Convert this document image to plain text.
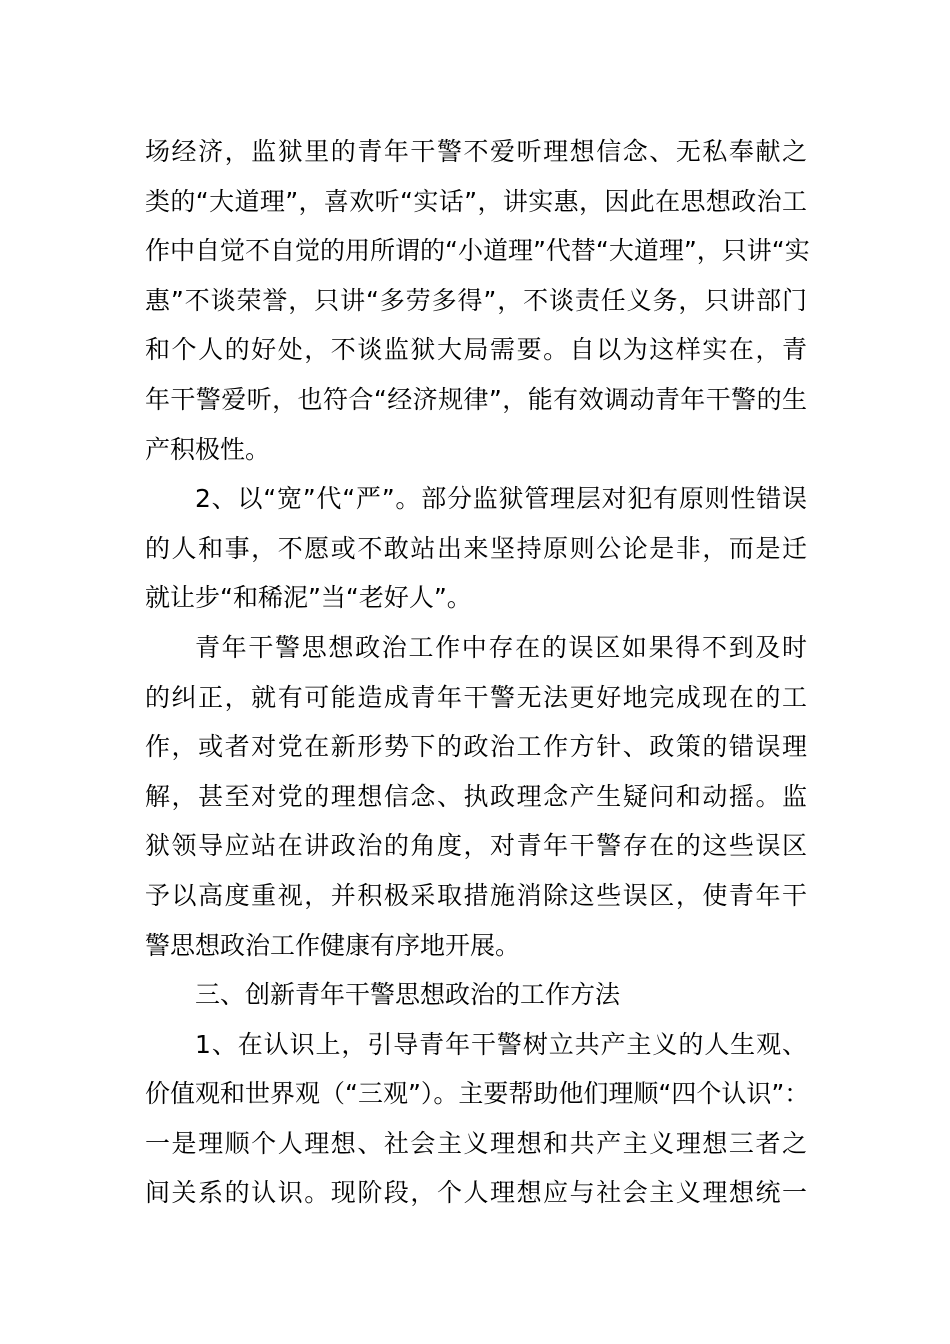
场经济，监狱里的青年干警不爱听理想信念、无私奉献之
类的“大道理”，喜欢听“实话”，讲实惠，因此在思想政治工
作中自觉不自觉的用所谓的“小道理”代替“大道理”，只讲“实
惠”不谈荣誉，只讲“多劳多得”，不谈责任义务，只讲部门
和个人的好处，不谈监狱大局需要。自以为这样实在，青
年干警爱听，也符合“经济规律”，能有效调动青年干警的生
产积极性。
2、以“宽”代“严”。部分监狱管理层对犯有原则性错误
的人和事，不愿或不敢站出来坚持原则公论是非，而是迁
就让步“和稀泥”当“老好人”。
青年干警思想政治工作中存在的误区如果得不到及时
的纠正，就有可能造成青年干警无法更好地完成现在的工
作，或者对党在新形势下的政治工作方针、政策的错误理
解，甚至对党的理想信念、执政理念产生疑问和动摇。监
狱领导应站在讲政治的角度，对青年干警存在的这些误区
予以高度重视，并积极采取措施消除这些误区，使青年干
警思想政治工作健康有序地开展。
三、创新青年干警思想政治的工作方法
1、在认识上，引导青年干警树立共产主义的人生观、
价值观和世界观（“三观”）。主要帮助他们理顺“四个认识”：
一是理顺个人理想、社会主义理想和共产主义理想三者之
间关系的认识。现阶段，个人理想应与社会主义理想统一
